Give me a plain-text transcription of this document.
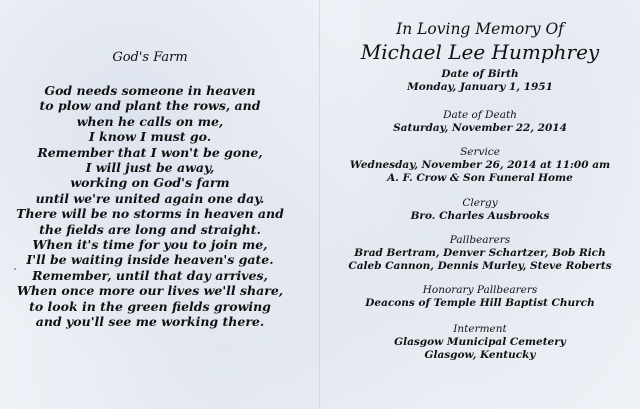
God's Farm
God needs someone in heaven
to plow and plant the rows, and
when he calls on me,
I know I must go.
Remember that I won't be gone,
I will just be away,
working on God's farm
until we're united again one day.
There will be no storms in heaven and
the fields are long and straight.
When it's time for you to join me,
I'll be waiting inside heaven's gate.
Remember, until that day arrives,
When once more our lives we'll share,
to look in the green fields growing
and you'll see me working there.
In Loving Memory Of
Michael Lee Humphrey
Date of Birth
Monday, January 1, 1951
Date of Death
Saturday, November 22, 2014
Service
Wednesday, November 26, 2014 at 11:00 am
A. F. Crow & Son Funeral Home
Clergy
Bro. Charles Ausbrooks
Pallbearers
Brad Bertram, Denver Schartzer, Bob Rich
Caleb Cannon, Dennis Murley, Steve Roberts
Honorary Pallbearers
Deacons of Temple Hill Baptist Church
Interment
Glasgow Municipal Cemetery
Glasgow, Kentucky
